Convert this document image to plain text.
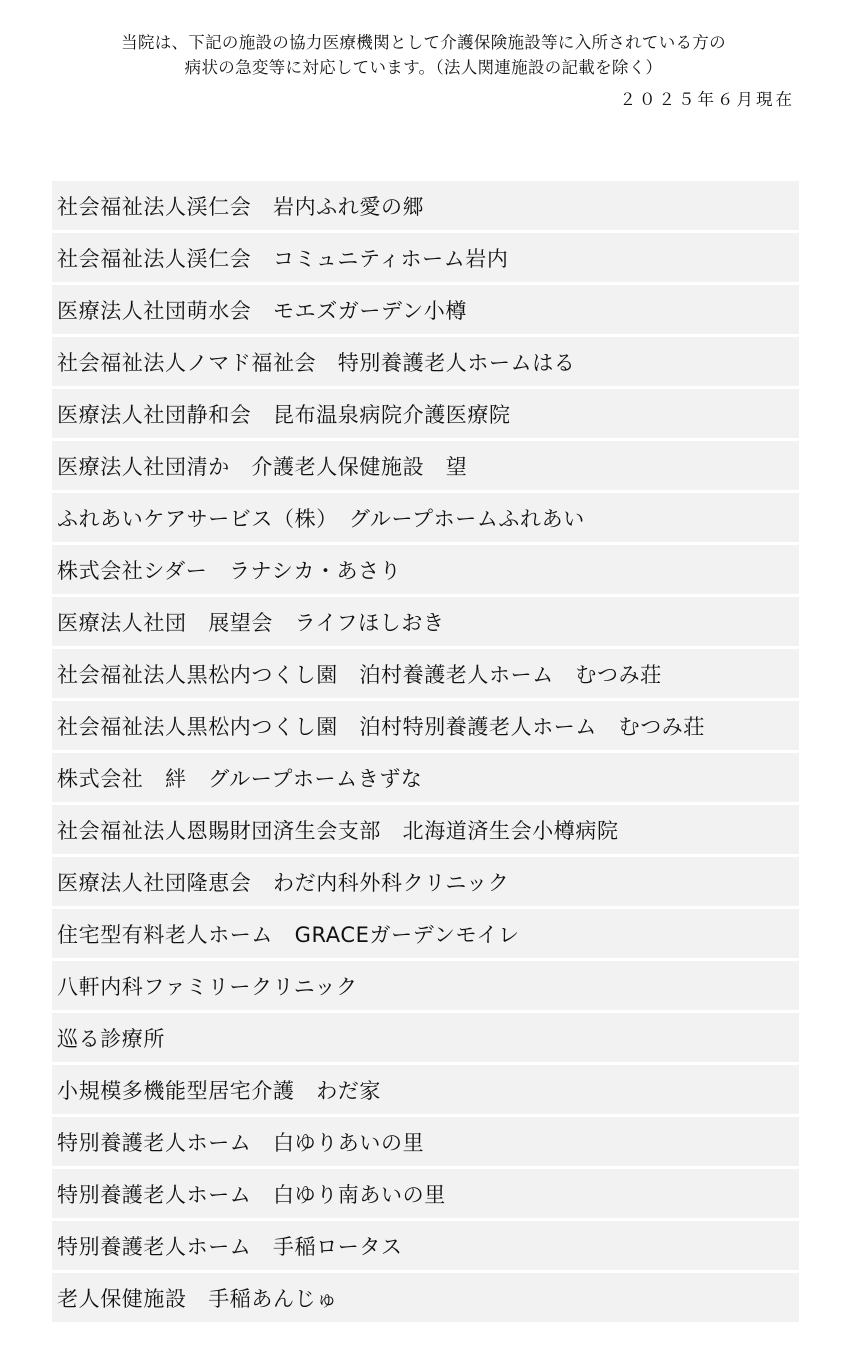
当院は、下記の施設の協力医療機関として介護保険施設等に入所されている方の
病状の急変等に対応しています。（法人関連施設の記載を除く）
２０２５年６月現在
社会福祉法人渓仁会　岩内ふれ愛の郷
社会福祉法人渓仁会　コミュニティホーム岩内
医療法人社団萌水会　モエズガーデン小樽
社会福祉法人ノマド福祉会　特別養護老人ホームはる
医療法人社団静和会　昆布温泉病院介護医療院
医療法人社団清か　介護老人保健施設　望
ふれあいケアサービス（株）　グループホームふれあい
株式会社シダー　ラナシカ・あさり
医療法人社団　展望会　ライフほしおき
社会福祉法人黒松内つくし園　泊村養護老人ホーム　むつみ荘
社会福祉法人黒松内つくし園　泊村特別養護老人ホーム　むつみ荘
株式会社　絆　グループホームきずな
社会福祉法人恩賜財団済生会支部　北海道済生会小樽病院
医療法人社団隆恵会　わだ内科外科クリニック
住宅型有料老人ホーム　GRACEガーデンモイレ
八軒内科ファミリークリニック
巡る診療所
小規模多機能型居宅介護　わだ家
特別養護老人ホーム　白ゆりあいの里
特別養護老人ホーム　白ゆり南あいの里
特別養護老人ホーム　手稲ロータス
老人保健施設　手稲あんじゅ
